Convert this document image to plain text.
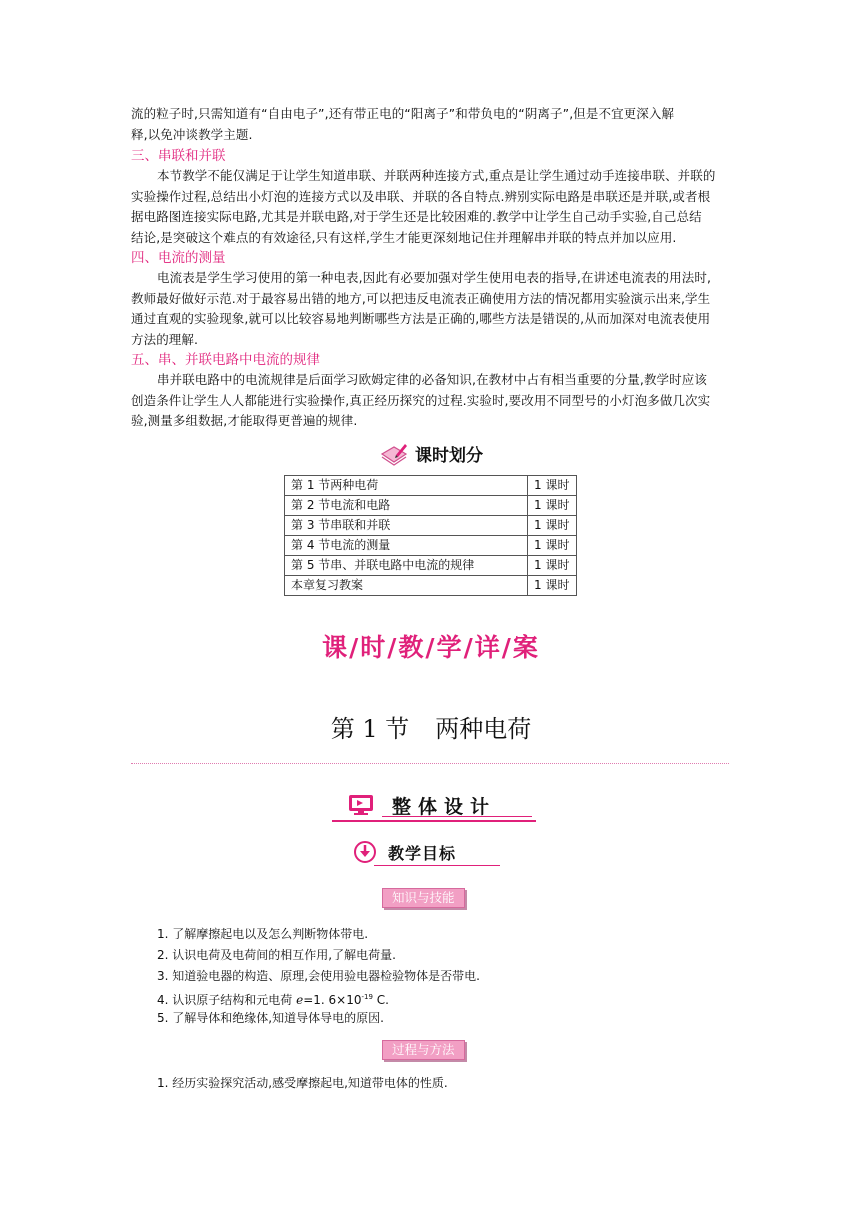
流的粒子时,只需知道有“自由电子”,还有带正电的“阳离子”和带负电的“阴离子”,但是不宜更深入解
释,以免冲谈教学主题.
三、串联和并联
本节教学不能仅满足于让学生知道串联、并联两种连接方式,重点是让学生通过动手连接串联、并联的
实验操作过程,总结出小灯泡的连接方式以及串联、并联的各自特点.辨别实际电路是串联还是并联,或者根
据电路图连接实际电路,尤其是并联电路,对于学生还是比较困难的.教学中让学生自己动手实验,自己总结
结论,是突破这个难点的有效途径,只有这样,学生才能更深刻地记住并理解串并联的特点并加以应用.
四、电流的测量
电流表是学生学习使用的第一种电表,因此有必要加强对学生使用电表的指导,在讲述电流表的用法时,
教师最好做好示范.对于最容易出错的地方,可以把违反电流表正确使用方法的情况都用实验演示出来,学生
通过直观的实验现象,就可以比较容易地判断哪些方法是正确的,哪些方法是错误的,从而加深对电流表使用
方法的理解.
五、串、并联电路中电流的规律
串并联电路中的电流规律是后面学习欧姆定律的必备知识,在教材中占有相当重要的分量,教学时应该
创造条件让学生人人都能进行实验操作,真正经历探究的过程.实验时,要改用不同型号的小灯泡多做几次实
验,测量多组数据,才能取得更普遍的规律.
课时划分
第 1 节两种电荷	1 课时
第 2 节电流和电路	1 课时
第 3 节串联和并联	1 课时
第 4 节电流的测量	1 课时
第 5 节串、并联电路中电流的规律	1 课时
本章复习教案	1 课时
课/时/教/学/详/案
第 1 节 两种电荷
整体设计
教学目标
知识与技能
1. 了解摩擦起电以及怎么判断物体带电.
2. 认识电荷及电荷间的相互作用,了解电荷量.
3. 知道验电器的构造、原理,会使用验电器检验物体是否带电.
4. 认识原子结构和元电荷 e=1. $6\times 10^{-19}$ C.
5. 了解导体和绝缘体,知道导体导电的原因.
过程与方法
1. 经历实验探究活动,感受摩擦起电,知道带电体的性质.
